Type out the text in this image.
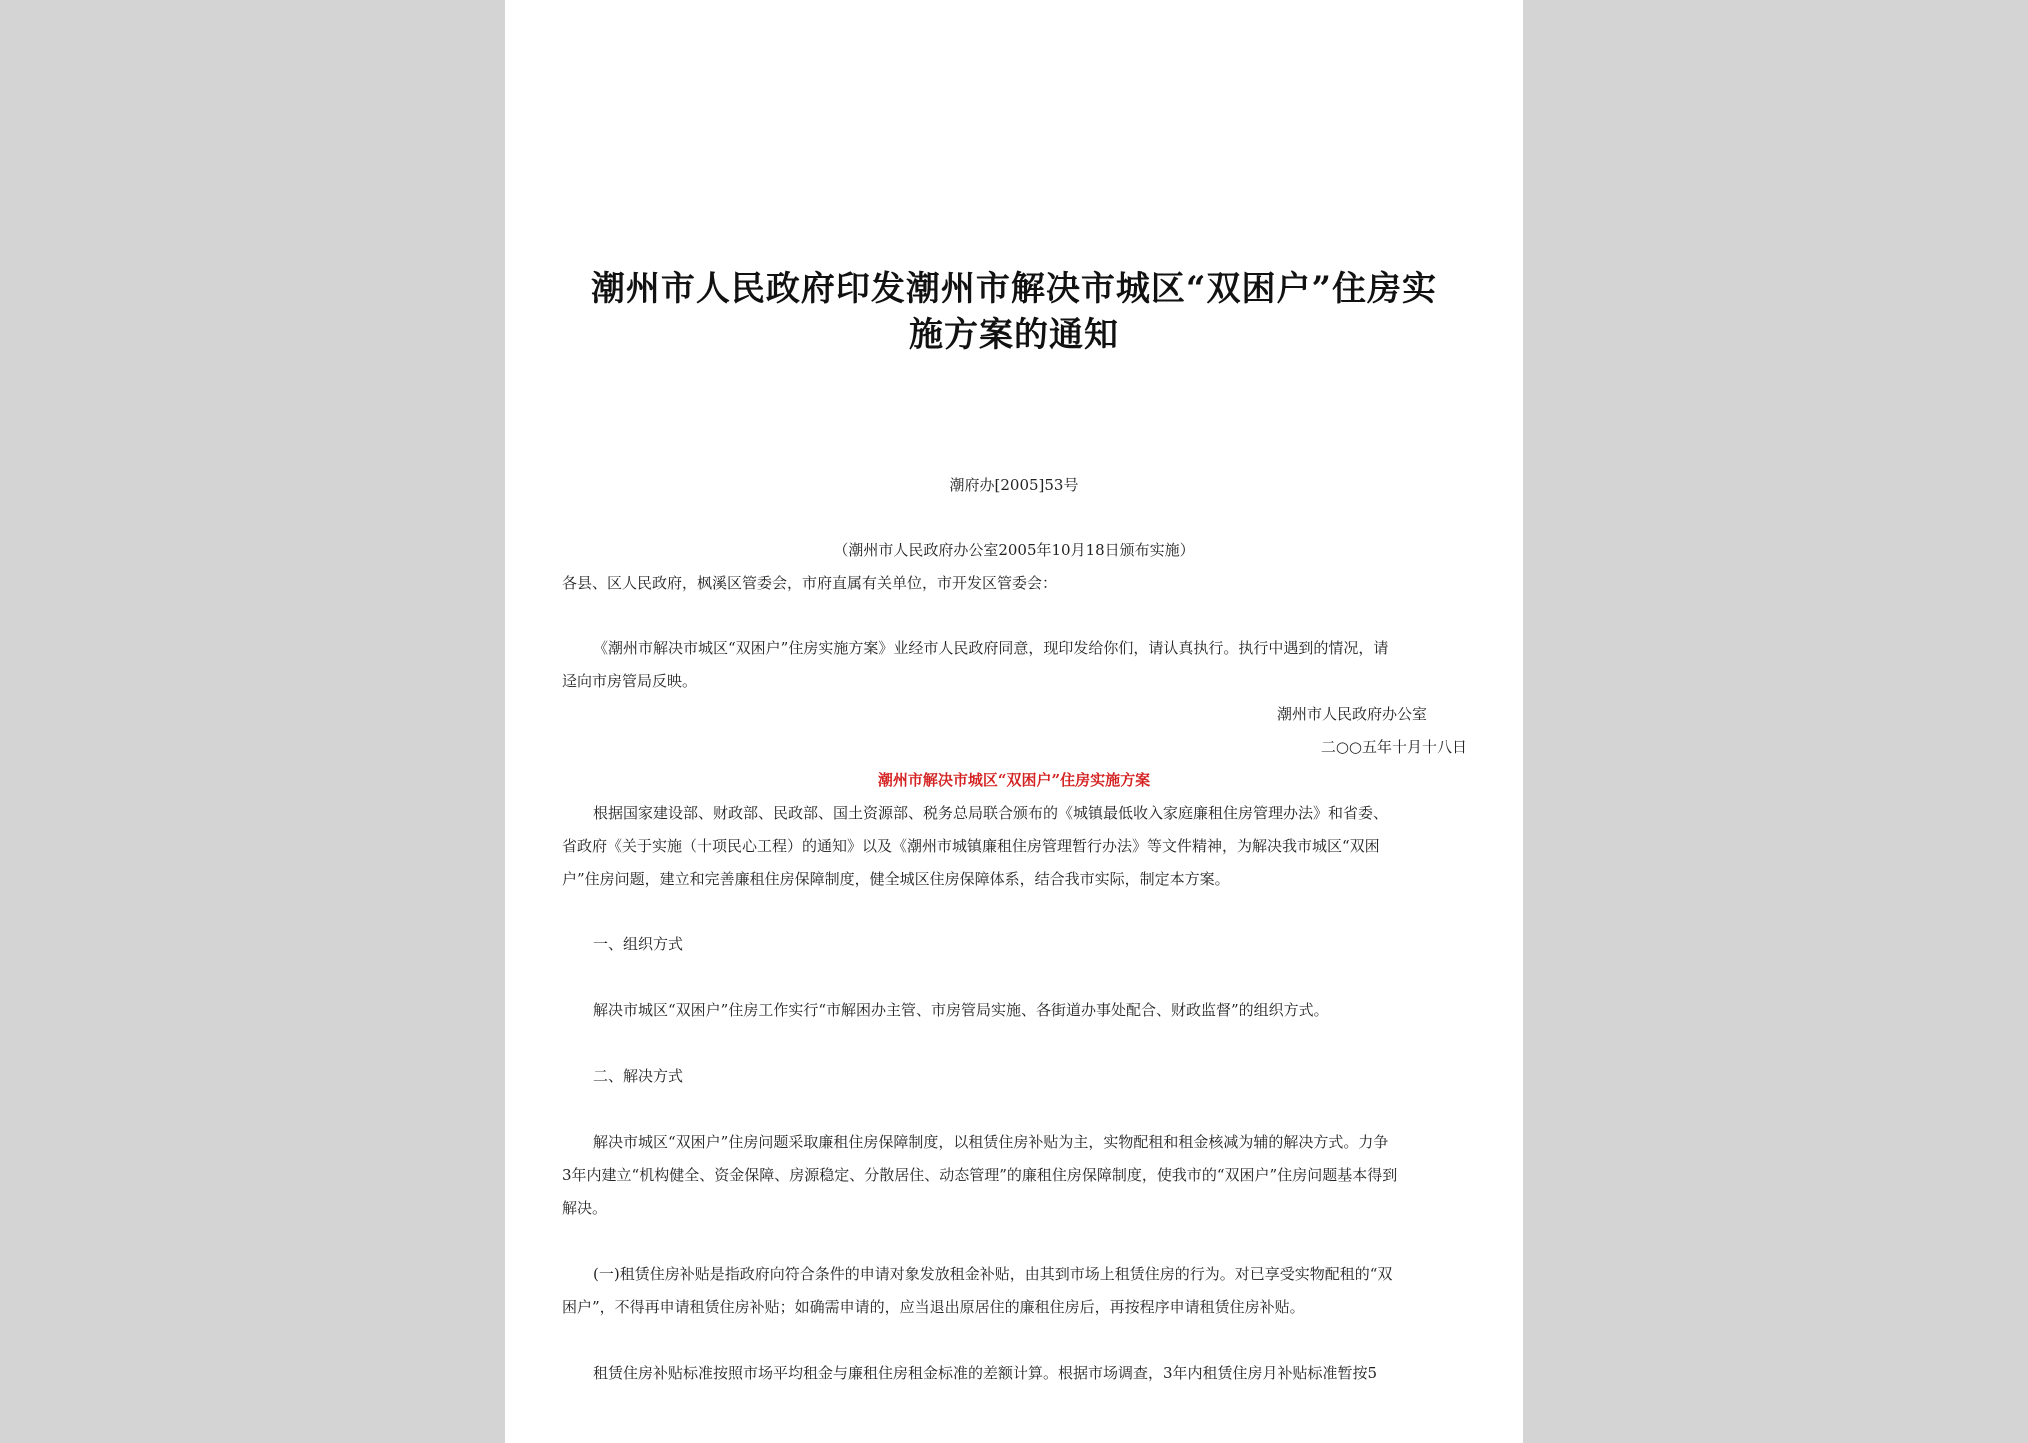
潮州市人民政府印发潮州市解决市城区“双困户”住房实
施方案的通知
潮府办[2005]53号
（潮州市人民政府办公室2005年10月18日颁布实施）
各县、区人民政府，枫溪区管委会，市府直属有关单位，市开发区管委会：
《潮州市解决市城区“双困户”住房实施方案》业经市人民政府同意，现印发给你们，请认真执行。执行中遇到的情况，请
迳向市房管局反映。
潮州市人民政府办公室
二○○五年十月十八日
潮州市解决市城区“双困户”住房实施方案
根据国家建设部、财政部、民政部、国土资源部、税务总局联合颁布的《城镇最低收入家庭廉租住房管理办法》和省委、
省政府《关于实施（十项民心工程）的通知》以及《潮州市城镇廉租住房管理暂行办法》等文件精神，为解决我市城区“双困
户”住房问题，建立和完善廉租住房保障制度，健全城区住房保障体系，结合我市实际，制定本方案。
一、组织方式
解决市城区“双困户”住房工作实行“市解困办主管、市房管局实施、各街道办事处配合、财政监督”的组织方式。
二、解决方式
解决市城区“双困户”住房问题采取廉租住房保障制度，以租赁住房补贴为主，实物配租和租金核减为辅的解决方式。力争
3年内建立“机构健全、资金保障、房源稳定、分散居住、动态管理”的廉租住房保障制度，使我市的“双困户”住房问题基本得到
解决。
(一)租赁住房补贴是指政府向符合条件的申请对象发放租金补贴，由其到市场上租赁住房的行为。对已享受实物配租的“双
困户”，不得再申请租赁住房补贴；如确需申请的，应当退出原居住的廉租住房后，再按程序申请租赁住房补贴。
租赁住房补贴标准按照市场平均租金与廉租住房租金标准的差额计算。根据市场调查，3年内租赁住房月补贴标准暂按5
